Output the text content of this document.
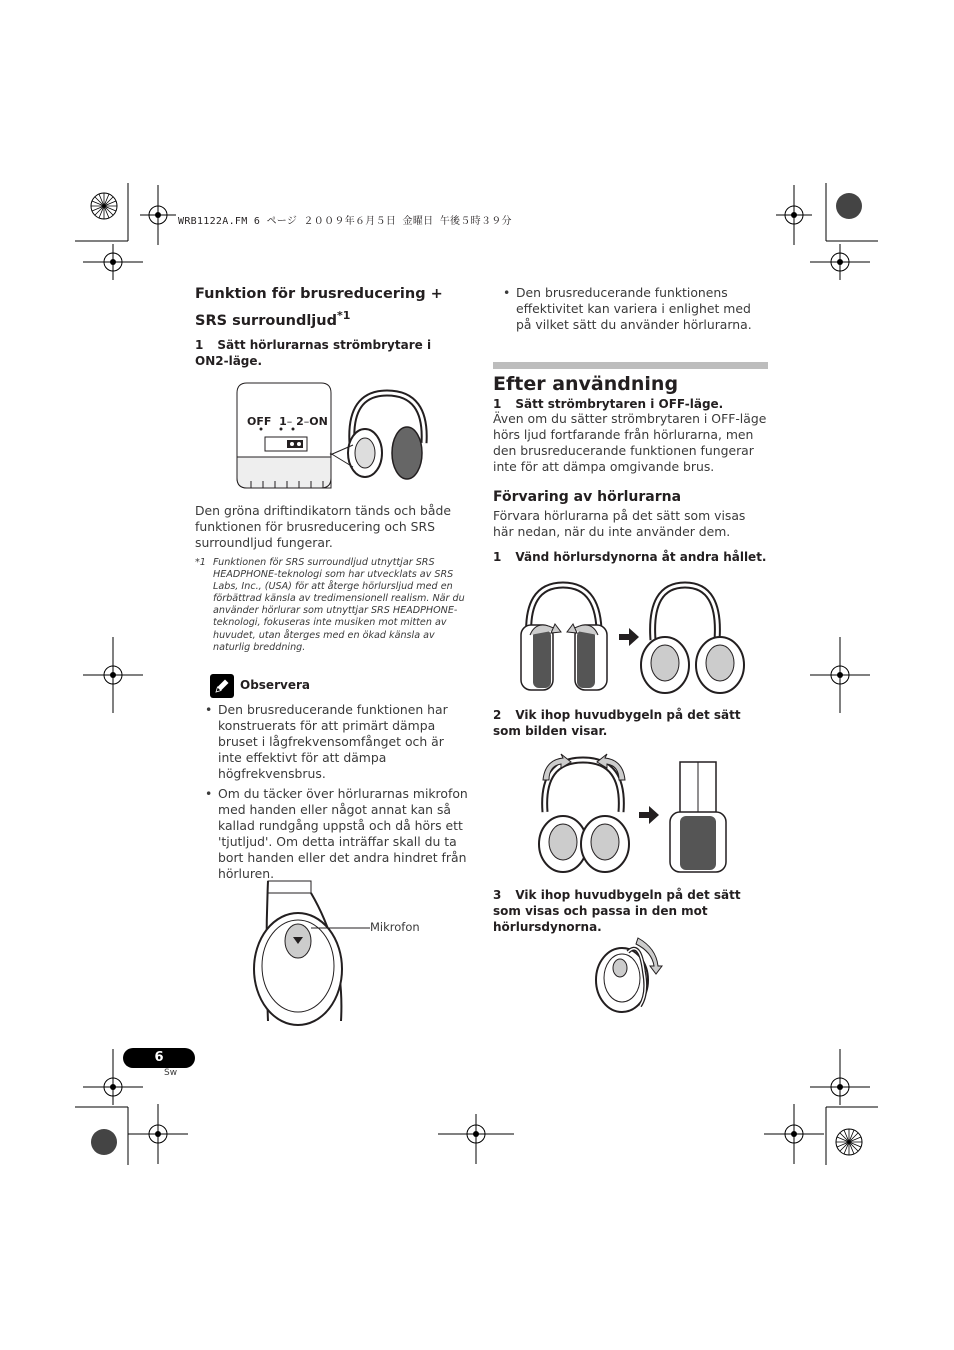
WRB1122A.FM 6 ページ ２００９年６月５日 金曜日 午後５時３９分
Funktion för brusreducering + SRS surroundljud$^{*1}$
1 Sätt hörlurarnas strömbrytare i ON2-läge.
OFF 1– 2–ON
Den gröna driftindikatorn tänds och både funktionen för brusreducering och SRS surroundljud fungerar.
*1 Funktionen för SRS surroundljud utnyttjar SRS HEADPHONE-teknologi som har utvecklats av SRS Labs, Inc., (USA) för att återge hörlursljud med en förbättrad känsla av tredimensionell realism. När du använder hörlurar som utnyttjar SRS HEADPHONE-teknologi, fokuseras inte musiken mot mitten av huvudet, utan återges med en ökad känsla av naturlig breddning.
Observera
• Den brusreducerande funktionen har konstruerats för att primärt dämpa bruset i lågfrekvensomfånget och är inte effektivt för att dämpa högfrekvensbrus.
• Om du täcker över hörlurarnas mikrofon med handen eller något annat kan så kallad rundgång uppstå och då hörs ett 'tjutljud'. Om detta inträffar skall du ta bort handen eller det andra hindret från hörluren.
Mikrofon
• Den brusreducerande funktionens effektivitet kan variera i enlighet med på vilket sätt du använder hörlurarna.
Efter användning
1 Sätt strömbrytaren i OFF-läge.
Även om du sätter strömbrytaren i OFF-läge hörs ljud fortfarande från hörlurarna, men den brusreducerande funktionen fungerar inte för att dämpa omgivande brus.
Förvaring av hörlurarna
Förvara hörlurarna på det sätt som visas här nedan, när du inte använder dem.
1 Vänd hörlursdynorna åt andra hållet.
2 Vik ihop huvudbygeln på det sätt som bilden visar.
3 Vik ihop huvudbygeln på det sätt som visas och passa in den mot hörlursdynorna.
6
Sw
